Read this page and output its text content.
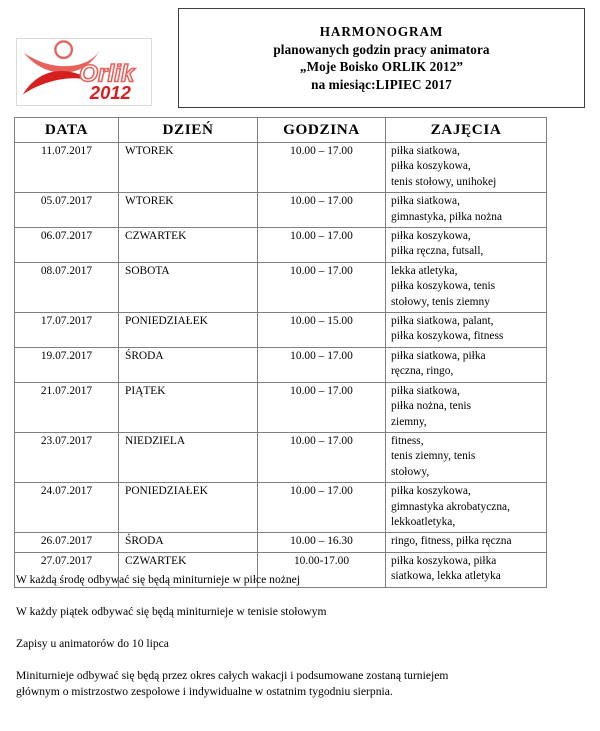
Orlik
2012
HARMONOGRAM
planowanych godzin pracy animatora
„Moje Boisko ORLIK 2012”
na miesiąc:LIPIEC 2017
DATA	DZIEŃ	GODZINA	ZAJĘCIA
11.07.2017	WTOREK	10.00 – 17.00	piłka siatkowa,
piłka koszykowa,
tenis stołowy, unihokej
05.07.2017	WTOREK	10.00 – 17.00	piłka siatkowa,
gimnastyka, piłka nożna
06.07.2017	CZWARTEK	10.00 – 17.00	piłka koszykowa,
piłka ręczna, futsall,
08.07.2017	SOBOTA	10.00 – 17.00	lekka atletyka,
piłka koszykowa, tenis
stołowy, tenis ziemny
17.07.2017	PONIEDZIAŁEK	10.00 – 15.00	piłka siatkowa, palant,
piłka koszykowa, fitness
19.07.2017	ŚRODA	10.00 – 17.00	piłka siatkowa, piłka
ręczna, ringo,
21.07.2017	PIĄTEK	10.00 – 17.00	piłka siatkowa,
piłka nożna, tenis
ziemny,
23.07.2017	NIEDZIELA	10.00 – 17.00	fitness,
tenis ziemny, tenis
stołowy,
24.07.2017	PONIEDZIAŁEK	10.00 – 17.00	piłka koszykowa,
gimnastyka akrobatyczna,
lekkoatletyka,
26.07.2017	ŚRODA	10.00 – 16.30	ringo, fitness, piłka ręczna
27.07.2017	CZWARTEK	10.00-17.00	piłka koszykowa, piłka
siatkowa, lekka atletyka

W każdą środę odbywać się będą miniturnieje w piłce nożnej

W każdy piątek odbywać się będą miniturnieje w tenisie stołowym

Zapisy u animatorów do 10 lipca

Miniturnieje odbywać się będą przez okres całych wakacji i podsumowane zostaną turniejem
głównym o mistrzostwo zespołowe i indywidualne w ostatnim tygodniu sierpnia.
